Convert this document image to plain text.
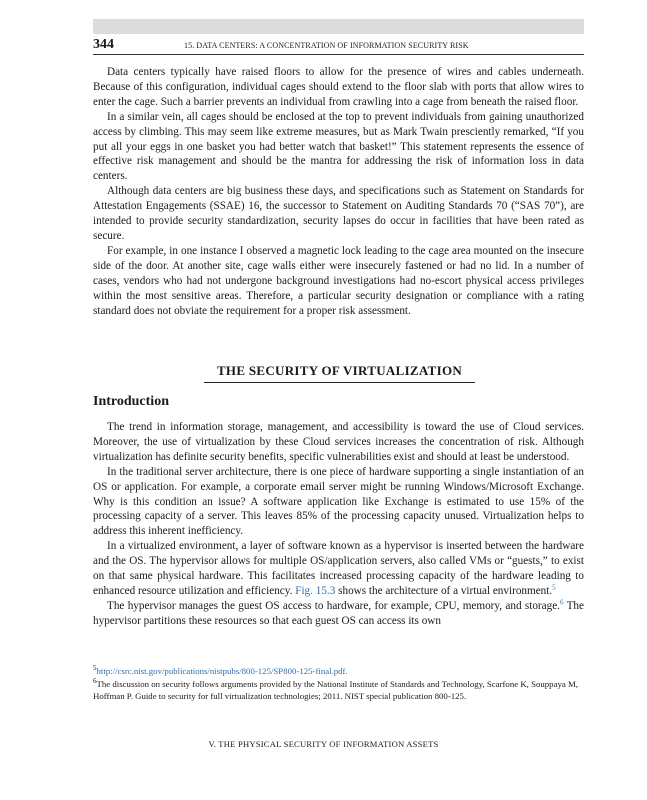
344	15. DATA CENTERS: A CONCENTRATION OF INFORMATION SECURITY RISK

Data centers typically have raised floors to allow for the presence of wires and cables underneath. Because of this configuration, individual cages should extend to the floor slab with ports that allow wires to enter the cage. Such a barrier prevents an individual from crawling into a cage from beneath the raised floor.

In a similar vein, all cages should be enclosed at the top to prevent individuals from gaining unauthorized access by climbing. This may seem like extreme measures, but as Mark Twain presciently remarked, “If you put all your eggs in one basket you had better watch that basket!” This statement represents the essence of effective risk management and should be the mantra for addressing the risk of information loss in data centers.

Although data centers are big business these days, and specifications such as Statement on Standards for Attestation Engagements (SSAE) 16, the successor to Statement on Auditing Standards 70 (“SAS 70”), are intended to provide security standardization, security lapses do occur in facilities that have been rated as secure.

For example, in one instance I observed a magnetic lock leading to the cage area mounted on the insecure side of the door. At another site, cage walls either were insecurely fastened or had no lid. In a number of cases, vendors who had not undergone background investigations had no-escort physical access privileges within the most sensitive areas. Therefore, a particular security designation or compliance with a rating standard does not obviate the requirement for a proper risk assessment.

THE SECURITY OF VIRTUALIZATION
Introduction

The trend in information storage, management, and accessibility is toward the use of Cloud services. Moreover, the use of virtualization by these Cloud services increases the concentration of risk. Although virtualization has definite security benefits, specific vulnerabilities exist and should at least be understood.

In the traditional server architecture, there is one piece of hardware supporting a single instantiation of an OS or application. For example, a corporate email server might be running Windows/Microsoft Exchange. Why is this condition an issue? A software application like Exchange is estimated to use 15% of the processing capacity of a server. This leaves 85% of the processing capacity unused. Virtualization helps to address this inherent inefficiency.

In a virtualized environment, a layer of software known as a hypervisor is inserted between the hardware and the OS. The hypervisor allows for multiple OS/application servers, also called VMs or “guests,” to exist on that same physical hardware. This facilitates increased processing capacity of the hardware leading to enhanced resource utilization and efficiency. Fig. 15.3 shows the architecture of a virtual environment.$^5$

The hypervisor manages the guest OS access to hardware, for example, CPU, memory, and storage.$^6$ The hypervisor partitions these resources so that each guest OS can access its own

$^5$http://csrc.nist.gov/publications/nistpubs/800-125/SP800-125-final.pdf.
$^6$The discussion on security follows arguments provided by the National Institute of Standards and Technology, Scarfone K, Souppaya M, Hoffman P. Guide to security for full virtualization technologies; 2011. NIST special publication 800-125.
V. THE PHYSICAL SECURITY OF INFORMATION ASSETS
